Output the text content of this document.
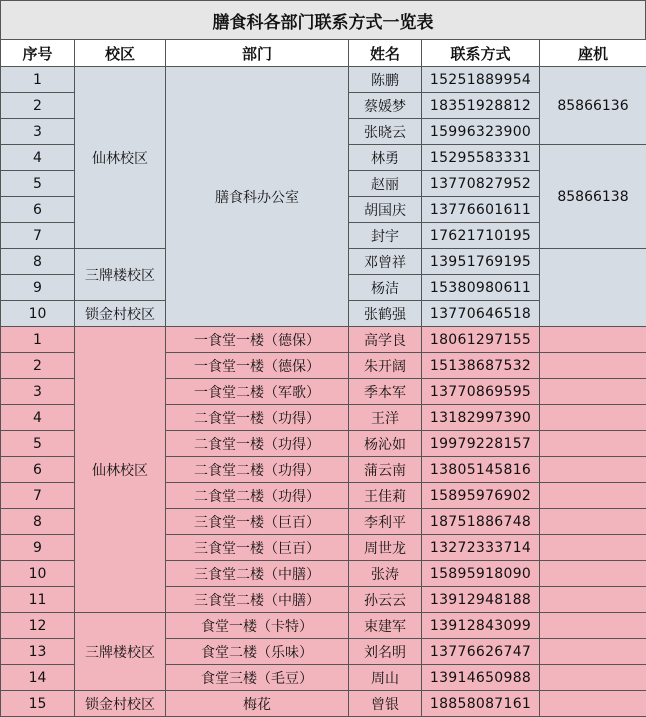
膳食科各部门联系方式一览表
序号	校区	部门	姓名	联系方式	座机
1	仙林校区	膳食科办公室	陈鹏	15251889954	85866136
2			蔡媛梦	18351928812	
3			张晓云	15996323900	
4			林勇	15295583331	85866138
5			赵丽	13770827952	
6			胡国庆	13776601611	
7			封宇	17621710195	
8	三牌楼校区		邓曾祥	13951769195	
9			杨洁	15380980611	
10	锁金村校区		张鹤强	13770646518	
1	仙林校区	一食堂一楼（德保）	高学良	18061297155	
2		一食堂一楼（德保）	朱开阔	15138687532	
3		一食堂二楼（军歌）	季本军	13770869595	
4		二食堂一楼（功得）	王洋	13182997390	
5		二食堂一楼（功得）	杨沁如	19979228157	
6		二食堂二楼（功得）	蒲云南	13805145816	
7		二食堂二楼（功得）	王佳莉	15895976902	
8		三食堂一楼（巨百）	李利平	18751886748	
9		三食堂一楼（巨百）	周世龙	13272333714	
10		三食堂二楼（中膳）	张涛	15895918090	
11		三食堂二楼（中膳）	孙云云	13912948188	
12	三牌楼校区	食堂一楼（卡特）	束建军	13912843099	
13		食堂二楼（乐味）	刘名明	13776626747	
14		食堂三楼（毛豆）	周山	13914650988	
15	锁金村校区	梅花	曾银	18858087161	
